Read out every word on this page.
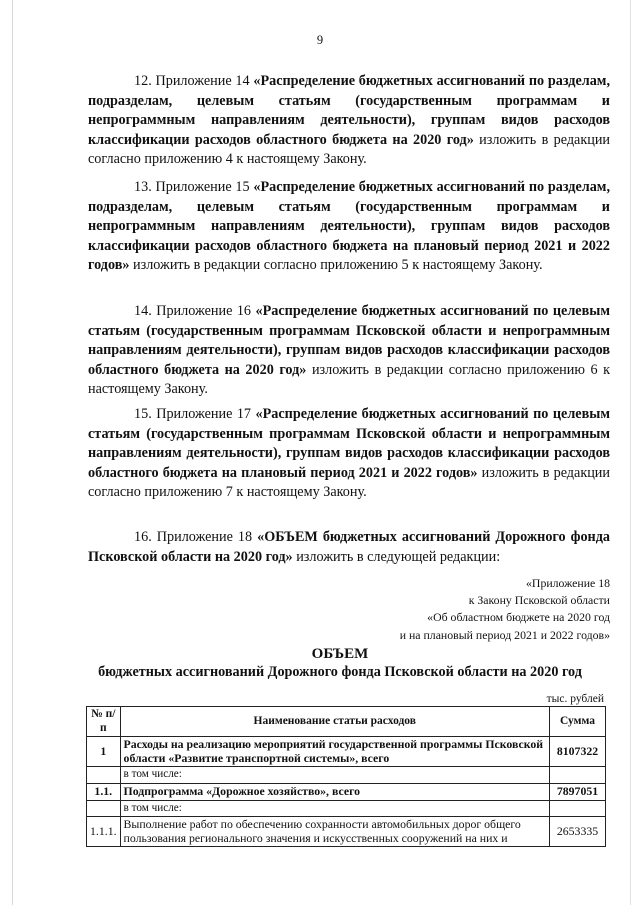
9

12. Приложение 14 «Распределение бюджетных ассигнований по разделам, подразделам, целевым статьям (государственным программам и непрограммным направлениям деятельности), группам видов расходов классификации расходов областного бюджета на 2020 год» изложить в редакции согласно приложению 4 к настоящему Закону.

13. Приложение 15 «Распределение бюджетных ассигнований по разделам, подразделам, целевым статьям (государственным программам и непрограммным направлениям деятельности), группам видов расходов классификации расходов областного бюджета на плановый период 2021 и 2022 годов» изложить в редакции согласно приложению 5 к настоящему Закону.

14. Приложение 16 «Распределение бюджетных ассигнований по целевым статьям (государственным программам Псковской области и непрограммным направлениям деятельности), группам видов расходов классификации расходов областного бюджета на 2020 год» изложить в редакции согласно приложению 6 к настоящему Закону.

15. Приложение 17 «Распределение бюджетных ассигнований по целевым статьям (государственным программам Псковской области и непрограммным направлениям деятельности), группам видов расходов классификации расходов областного бюджета на плановый период 2021 и 2022 годов» изложить в редакции согласно приложению 7 к настоящему Закону.

16. Приложение 18 «ОБЪЕМ бюджетных ассигнований Дорожного фонда Псковской области на 2020 год» изложить в следующей редакции:

«Приложение 18
к Закону Псковской области
«Об областном бюджете на 2020 год
и на плановый период 2021 и 2022 годов»
ОБЪЕМ
бюджетных ассигнований Дорожного фонда Псковской области на 2020 год
тыс. рублей
№ п/п	Наименование статьи расходов	Сумма
1	Расходы на реализацию мероприятий государственной программы Псковской области «Развитие транспортной системы», всего	8107322
	в том числе:	
1.1.	Подпрограмма «Дорожное хозяйство», всего	7897051
	в том числе:	
1.1.1.	Выполнение работ по обеспечению сохранности автомобильных дорог общего пользования регионального значения и искусственных сооружений на них и	2653335
